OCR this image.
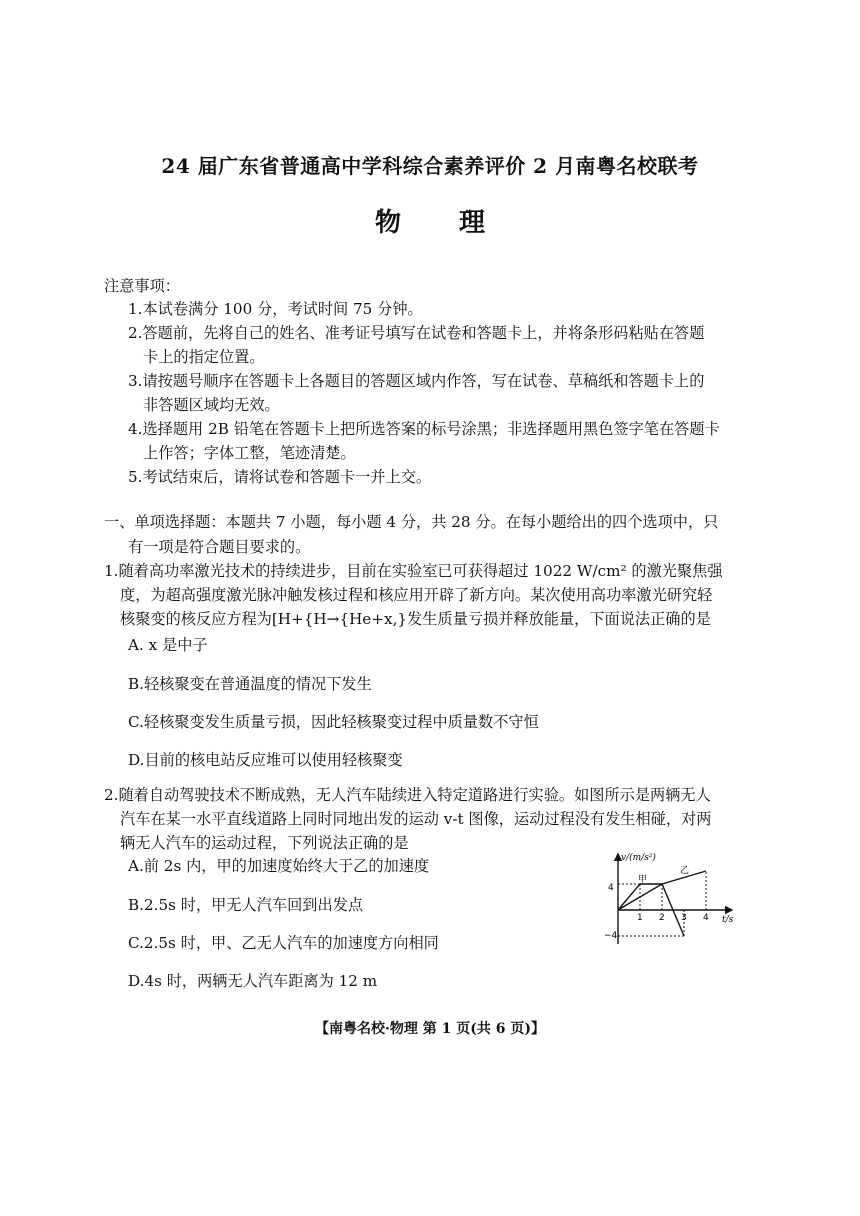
24 届广东省普通高中学科综合素养评价 2 月南粤名校联考
物理
注意事项：
1.本试卷满分 100 分，考试时间 75 分钟。
2.答题前，先将自己的姓名、准考证号填写在试卷和答题卡上，并将条形码粘贴在答题
卡上的指定位置。
3.请按题号顺序在答题卡上各题目的答题区域内作答，写在试卷、草稿纸和答题卡上的
非答题区域均无效。
4.选择题用 2B 铅笔在答题卡上把所选答案的标号涂黑；非选择题用黑色签字笔在答题卡
上作答；字体工整，笔迹清楚。
5.考试结束后，请将试卷和答题卡一并上交。
一、单项选择题：本题共 7 小题，每小题 4 分，共 28 分。在每小题给出的四个选项中，只
有一项是符合题目要求的。
1.随着高功率激光技术的持续进步，目前在实验室已可获得超过 1022 W/cm² 的激光聚焦强
度，为超高强度激光脉冲触发核过程和核应用开辟了新方向。某次使用高功率激光研究轻
核聚变的核反应方程为[H+{H→{He+x,}发生质量亏损并释放能量，下面说法正确的是
A. x 是中子
B.轻核聚变在普通温度的情况下发生
C.轻核聚变发生质量亏损，因此轻核聚变过程中质量数不守恒
D.目前的核电站反应堆可以使用轻核聚变
2.随着自动驾驶技术不断成熟，无人汽车陆续进入特定道路进行实验。如图所示是两辆无人
汽车在某一水平直线道路上同时同地出发的运动 v-t 图像，运动过程没有发生相碰，对两
辆无人汽车的运动过程，下列说法正确的是
A.前 2s 内，甲的加速度始终大于乙的加速度
B.2.5s 时，甲无人汽车回到出发点
C.2.5s 时，甲、乙无人汽车的加速度方向相同
D.4s 时，两辆无人汽车距离为 12 m
v/(m/s²)
t/s
4
−4
1 2 3 4
甲
乙
【南粤名校·物理 第 1 页(共 6 页)】
